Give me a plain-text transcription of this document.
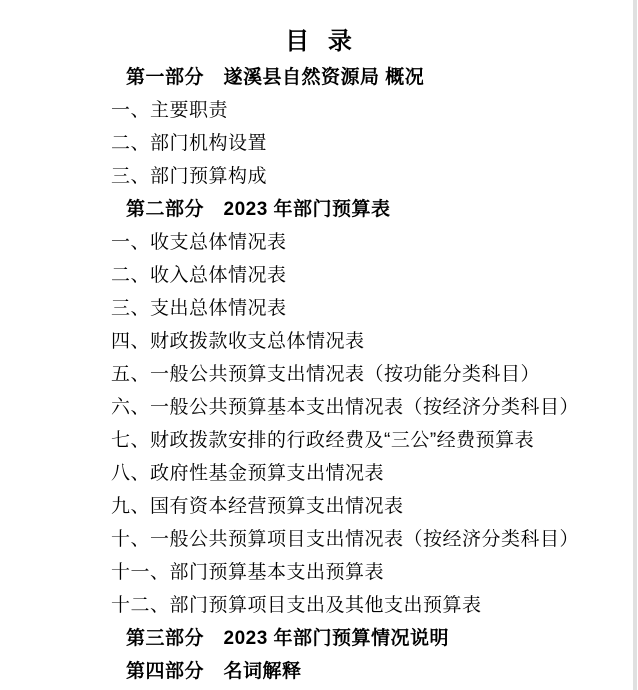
目 录
第一部分　遂溪县自然资源局 概况
一、主要职责
二、部门机构设置
三、部门预算构成
第二部分　2023 年部门预算表
一、收支总体情况表
二、收入总体情况表
三、支出总体情况表
四、财政拨款收支总体情况表
五、一般公共预算支出情况表（按功能分类科目）
六、一般公共预算基本支出情况表（按经济分类科目）
七、财政拨款安排的行政经费及“三公”经费预算表
八、政府性基金预算支出情况表
九、国有资本经营预算支出情况表
十、一般公共预算项目支出情况表（按经济分类科目）
十一、部门预算基本支出预算表
十二、部门预算项目支出及其他支出预算表
第三部分　2023 年部门预算情况说明
第四部分　名词解释
